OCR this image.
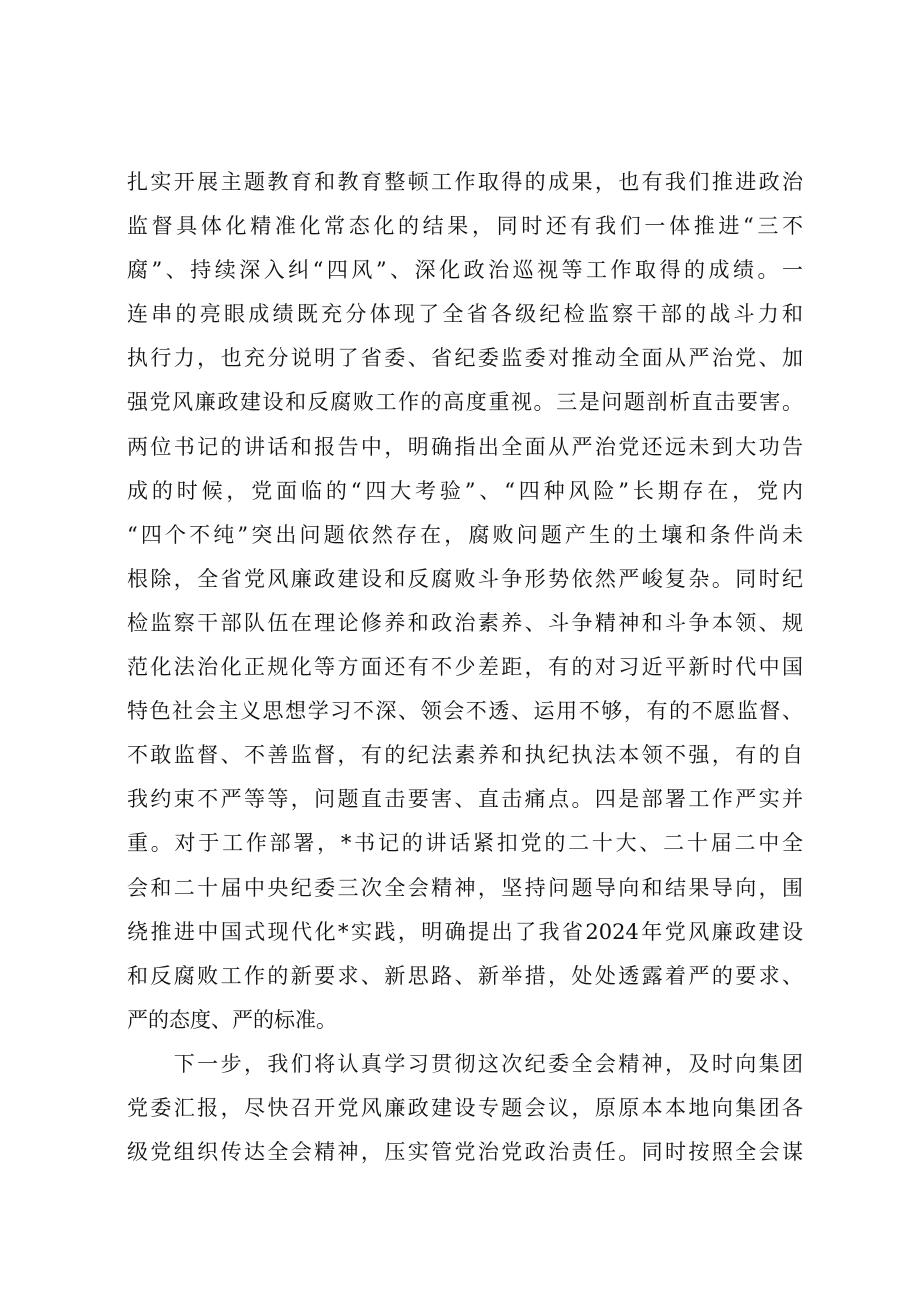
扎实开展主题教育和教育整顿工作取得的成果，也有我们推进政治
监督具体化精准化常态化的结果，同时还有我们一体推进“三不
腐”、持续深入纠“四风”、深化政治巡视等工作取得的成绩。一
连串的亮眼成绩既充分体现了全省各级纪检监察干部的战斗力和
执行力，也充分说明了省委、省纪委监委对推动全面从严治党、加
强党风廉政建设和反腐败工作的高度重视。三是问题剖析直击要害。
两位书记的讲话和报告中，明确指出全面从严治党还远未到大功告
成的时候，党面临的“四大考验”、“四种风险”长期存在，党内
“四个不纯”突出问题依然存在，腐败问题产生的土壤和条件尚未
根除，全省党风廉政建设和反腐败斗争形势依然严峻复杂。同时纪
检监察干部队伍在理论修养和政治素养、斗争精神和斗争本领、规
范化法治化正规化等方面还有不少差距，有的对习近平新时代中国
特色社会主义思想学习不深、领会不透、运用不够，有的不愿监督、
不敢监督、不善监督，有的纪法素养和执纪执法本领不强，有的自
我约束不严等等，问题直击要害、直击痛点。四是部署工作严实并
重。对于工作部署，*书记的讲话紧扣党的二十大、二十届二中全
会和二十届中央纪委三次全会精神，坚持问题导向和结果导向，围
绕推进中国式现代化*实践，明确提出了我省2024年党风廉政建设
和反腐败工作的新要求、新思路、新举措，处处透露着严的要求、
严的态度、严的标准。
　　下一步，我们将认真学习贯彻这次纪委全会精神，及时向集团
党委汇报，尽快召开党风廉政建设专题会议，原原本本地向集团各
级党组织传达全会精神，压实管党治党政治责任。同时按照全会谋
